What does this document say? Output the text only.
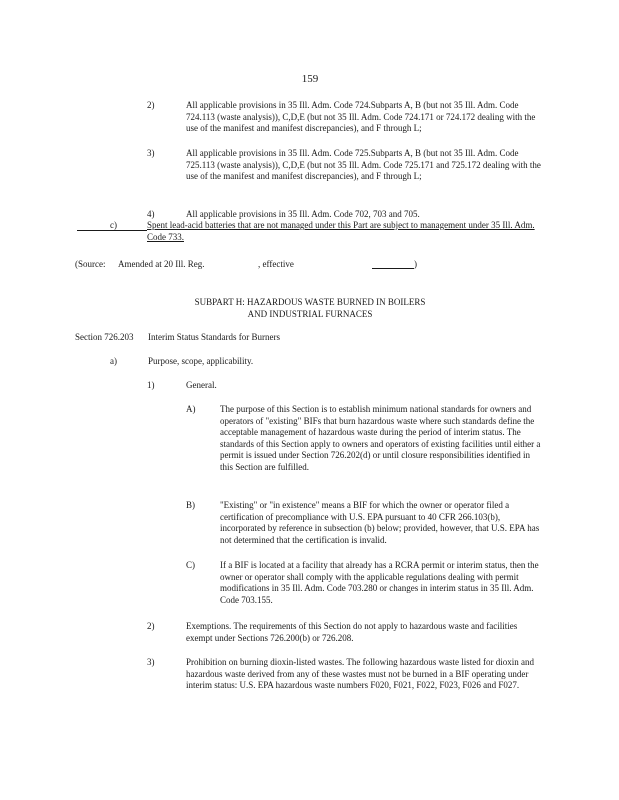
159
2)	All applicable provisions in 35 Ill. Adm. Code 724.Subparts A, B (but not 35 Ill. Adm. Code 724.113 (waste analysis)), C,D,E (but not 35 Ill. Adm. Code 724.171 or 724.172 dealing with the use of the manifest and manifest discrepancies), and F through L;
3)	All applicable provisions in 35 Ill. Adm. Code 725.Subparts A, B (but not 35 Ill. Adm. Code 725.113 (waste analysis)), C,D,E (but not 35 Ill. Adm. Code 725.171 and 725.172 dealing with the use of the manifest and manifest discrepancies), and F through L;
4)	All applicable provisions in 35 Ill. Adm. Code 702, 703 and 705.
c)	Spent lead-acid batteries that are not managed under this Part are subject to management under 35 Ill. Adm. Code 733.
(Source:	Amended at 20 Ill. Reg.	, effective	)
SUBPART H: HAZARDOUS WASTE BURNED IN BOILERS
AND INDUSTRIAL FURNACES
Section 726.203	Interim Status Standards for Burners
a)	Purpose, scope, applicability.
1)	General.
A)	The purpose of this Section is to establish minimum national standards for owners and operators of "existing" BIFs that burn hazardous waste where such standards define the acceptable management of hazardous waste during the period of interim status. The standards of this Section apply to owners and operators of existing facilities until either a permit is issued under Section 726.202(d) or until closure responsibilities identified in this Section are fulfilled.
B)	"Existing" or "in existence" means a BIF for which the owner or operator filed a certification of precompliance with U.S. EPA pursuant to 40 CFR 266.103(b), incorporated by reference in subsection (b) below; provided, however, that U.S. EPA has not determined that the certification is invalid.
C)	If a BIF is located at a facility that already has a RCRA permit or interim status, then the owner or operator shall comply with the applicable regulations dealing with permit modifications in 35 Ill. Adm. Code 703.280 or changes in interim status in 35 Ill. Adm. Code 703.155.
2)	Exemptions. The requirements of this Section do not apply to hazardous waste and facilities exempt under Sections 726.200(b) or 726.208.
3)	Prohibition on burning dioxin-listed wastes. The following hazardous waste listed for dioxin and hazardous waste derived from any of these wastes must not be burned in a BIF operating under interim status: U.S. EPA hazardous waste numbers F020, F021, F022, F023, F026 and F027.
